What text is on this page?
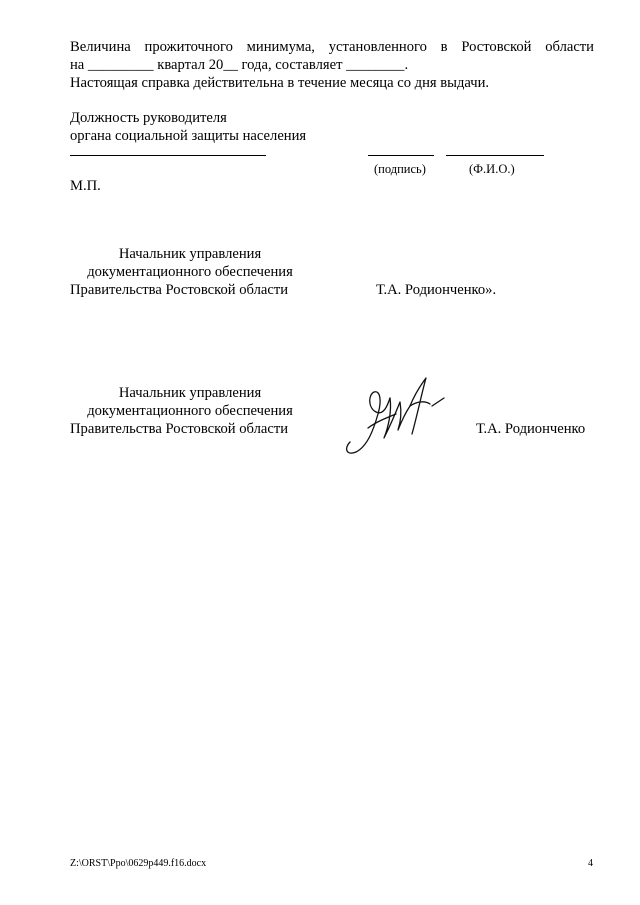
Величина прожиточного минимума, установленного в Ростовской области
на _________ квартал 20__ года, составляет ________.
Настоящая справка действительна в течение месяца со дня выдачи.
Должность руководителя
органа социальной защиты населения
(подпись)	(Ф.И.О.)
М.П.
Начальник управления
документационного обеспечения
Правительства Ростовской области	Т.А. Родионченко».
Начальник управления
документационного обеспечения
Правительства Ростовской области	Т.А. Родионченко
Z:\ORST\Ppo\0629p449.f16.docx	4
